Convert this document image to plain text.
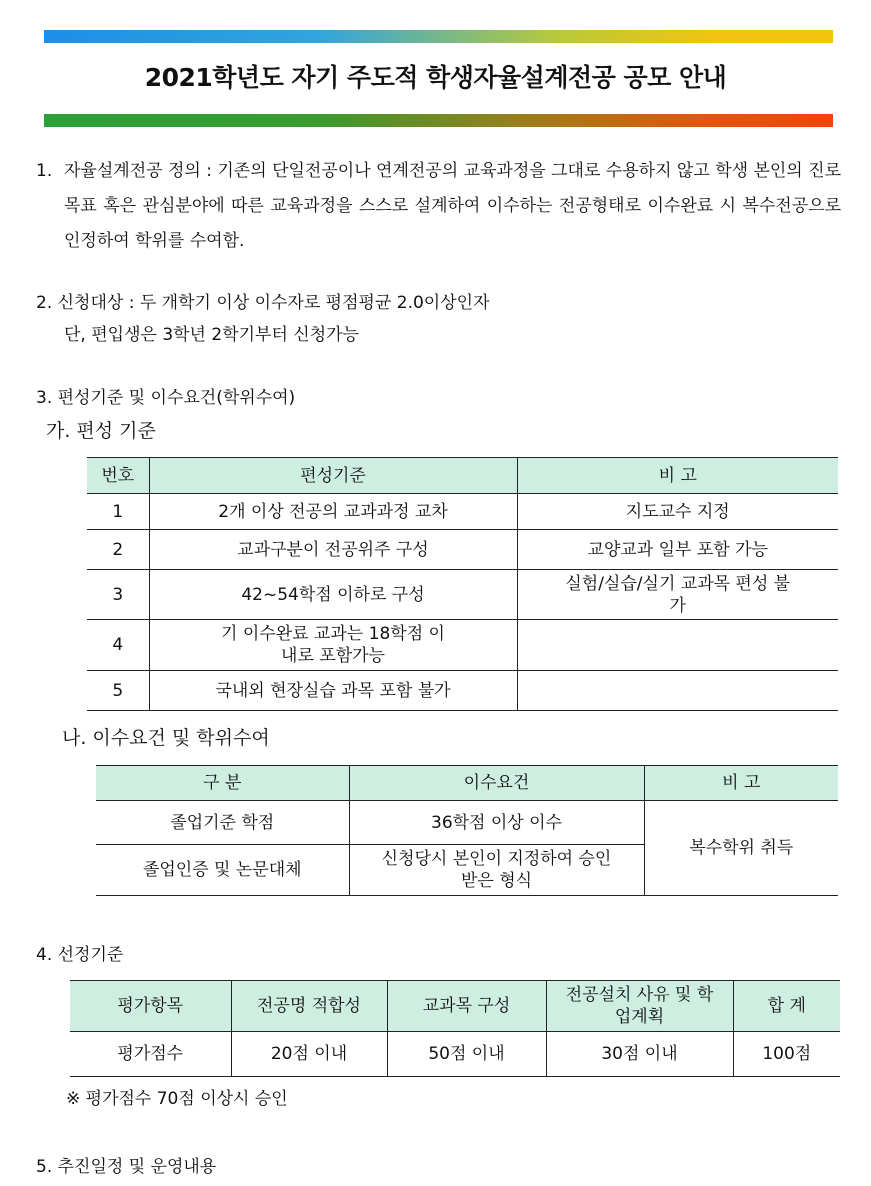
2021학년도 자기 주도적 학생자율설계전공 공모 안내
1. 자율설계전공 정의 : 기존의 단일전공이나 연계전공의 교육과정을 그대로 수용하지 않고 학생 본인의 진로목표 혹은 관심분야에 따른 교육과정을 스스로 설계하여 이수하는 전공형태로 이수완료 시 복수전공으로 인정하여 학위를 수여함.
2. 신청대상 : 두 개학기 이상 이수자로 평점평균 2.0이상인자
단, 편입생은 3학년 2학기부터 신청가능
3. 편성기준 및 이수요건(학위수여)
가. 편성 기준
번호	편성기준	비 고
1	2개 이상 전공의 교과과정 교차	지도교수 지정
2	교과구분이 전공위주 구성	교양교과 일부 포함 가능
3	42~54학점 이하로 구성	실험/실습/실기 교과목 편성 불가
4	기 이수완료 교과는 18학점 이내로 포함가능	
5	국내외 현장실습 과목 포함 불가	
나. 이수요건 및 학위수여
구 분	이수요건	비 고
졸업기준 학점	36학점 이상 이수	복수학위 취득
졸업인증 및 논문대체	신청당시 본인이 지정하여 승인받은 형식	
4. 선정기준
평가항목	전공명 적합성	교과목 구성	전공설치 사유 및 학업계획	합 계
평가점수	20점 이내	50점 이내	30점 이내	100점
※ 평가점수 70점 이상시 승인
5. 추진일정 및 운영내용
